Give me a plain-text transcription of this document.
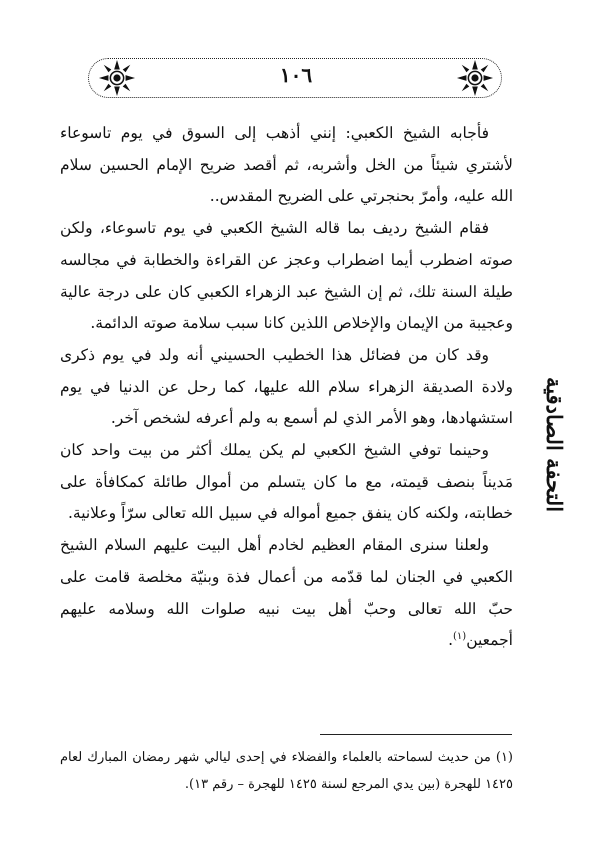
١٠٦
التحفة الصادقية

فأجابه الشيخ الكعبي: إنني أذهب إلى السوق في يوم تاسوعاء لأشتري شيئاً من الخل وأشربه، ثم أقصد ضريح الإمام الحسين سلام الله عليه، وأمرّ بحنجرتي على الضريح المقدس..

فقام الشيخ رديف بما قاله الشيخ الكعبي في يوم تاسوعاء، ولكن صوته اضطرب أيما اضطراب وعجز عن القراءة والخطابة في مجالسه طيلة السنة تلك، ثم إن الشيخ عبد الزهراء الكعبي كان على درجة عالية وعجيبة من الإيمان والإخلاص اللذين كانا سبب سلامة صوته الدائمة.

وقد كان من فضائل هذا الخطيب الحسيني أنه ولد في يوم ذكرى ولادة الصديقة الزهراء سلام الله عليها، كما رحل عن الدنيا في يوم استشهادها، وهو الأمر الذي لم أسمع به ولم أعرفه لشخص آخر.

وحينما توفي الشيخ الكعبي لم يكن يملك أكثر من بيت واحد كان مَديناً بنصف قيمته، مع ما كان يتسلم من أموال طائلة كمكافأة على خطابته، ولكنه كان ينفق جميع أمواله في سبيل الله تعالى سرّاً وعلانية.

ولعلنا سنرى المقام العظيم لخادم أهل البيت عليهم السلام الشيخ الكعبي في الجنان لما قدّمه من أعمال فذة وبنيّة مخلصة قامت على حبّ الله تعالى وحبّ أهل بيت نبيه صلوات الله وسلامه عليهم أجمعين$^{(١)}$.

(١) من حديث لسماحته بالعلماء والفضلاء في إحدى ليالي شهر رمضان المبارك لعام ١٤٢٥ للهجرة (بين يدي المرجع لسنة ١٤٢٥ للهجرة – رقم ١٣).
